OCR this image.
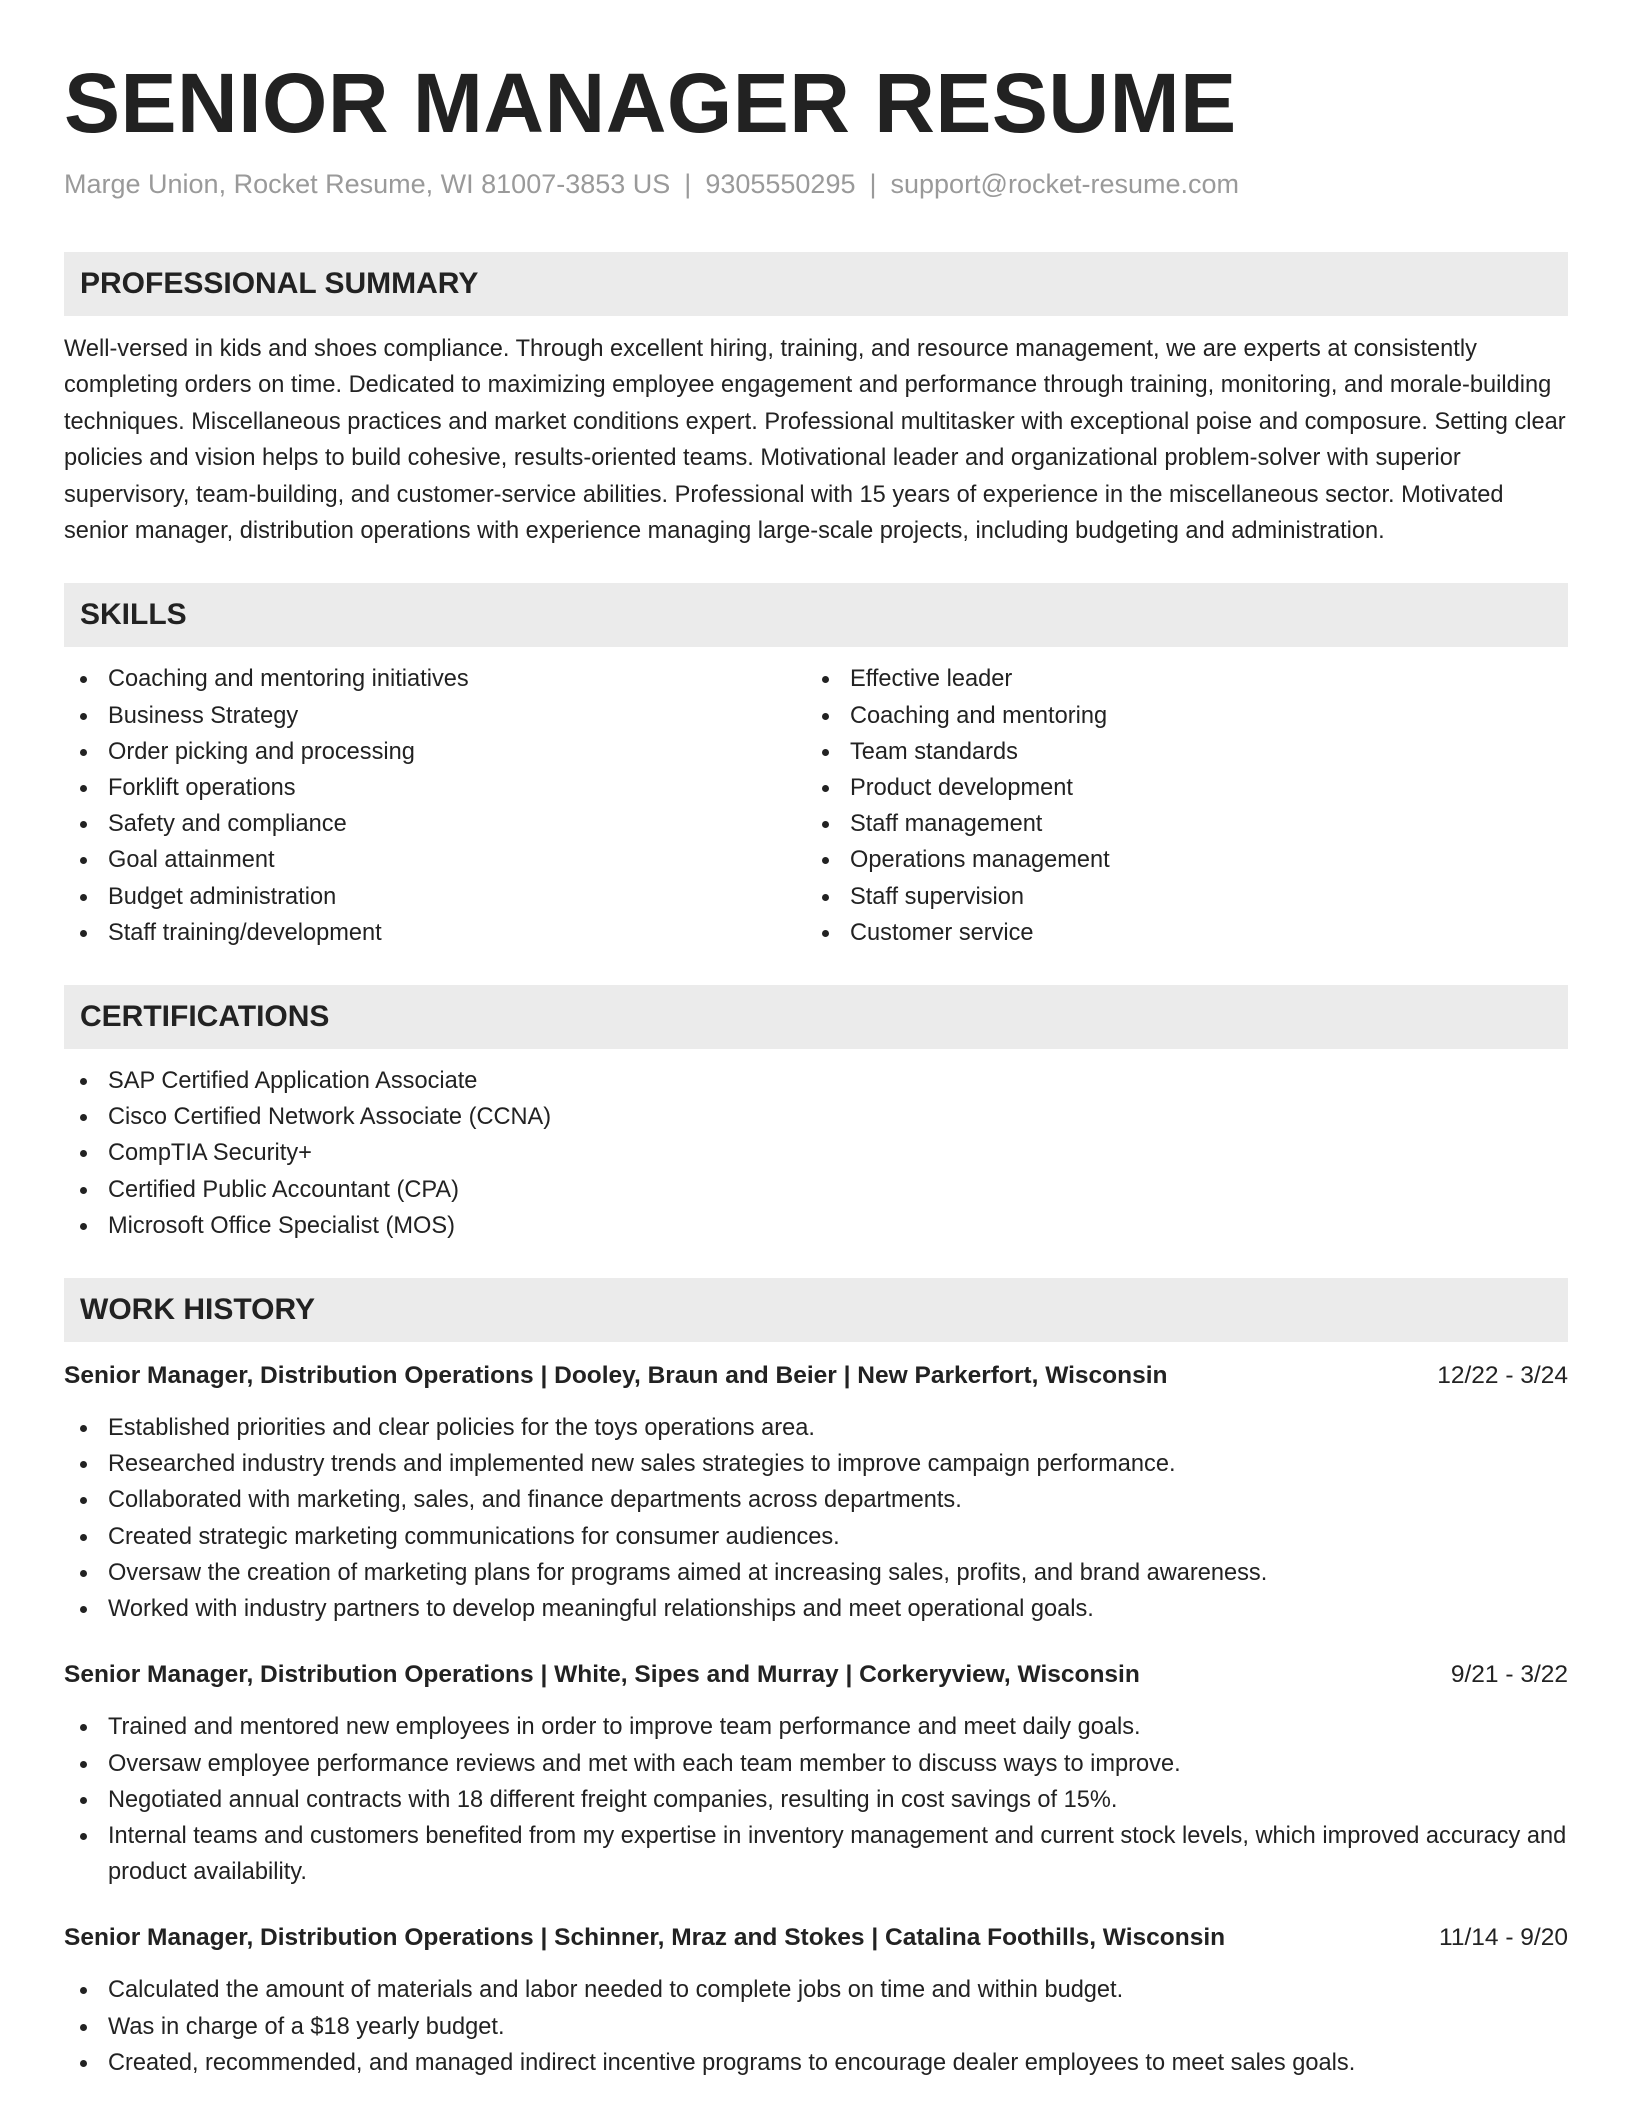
SENIOR MANAGER RESUME
Marge Union, Rocket Resume, WI 81007-3853 US | 9305550295 | support@rocket-resume.com
PROFESSIONAL SUMMARY

Well-versed in kids and shoes compliance. Through excellent hiring, training, and resource management, we are experts at consistently completing orders on time. Dedicated to maximizing employee engagement and performance through training, monitoring, and morale-building techniques. Miscellaneous practices and market conditions expert. Professional multitasker with exceptional poise and composure. Setting clear policies and vision helps to build cohesive, results-oriented teams. Motivational leader and organizational problem-solver with superior supervisory, team-building, and customer-service abilities. Professional with 15 years of experience in the miscellaneous sector. Motivated senior manager, distribution operations with experience managing large-scale projects, including budgeting and administration.

SKILLS
Coaching and mentoring initiatives
Business Strategy
Order picking and processing
Forklift operations
Safety and compliance
Goal attainment
Budget administration
Staff training/development
Effective leader
Coaching and mentoring
Team standards
Product development
Staff management
Operations management
Staff supervision
Customer service
CERTIFICATIONS
SAP Certified Application Associate
Cisco Certified Network Associate (CCNA)
CompTIA Security+
Certified Public Accountant (CPA)
Microsoft Office Specialist (MOS)
WORK HISTORY
Senior Manager, Distribution Operations | Dooley, Braun and Beier | New Parkerfort, Wisconsin	12/22 - 3/24
Established priorities and clear policies for the toys operations area.
Researched industry trends and implemented new sales strategies to improve campaign performance.
Collaborated with marketing, sales, and finance departments across departments.
Created strategic marketing communications for consumer audiences.
Oversaw the creation of marketing plans for programs aimed at increasing sales, profits, and brand awareness.
Worked with industry partners to develop meaningful relationships and meet operational goals.
Senior Manager, Distribution Operations | White, Sipes and Murray | Corkeryview, Wisconsin	9/21 - 3/22
Trained and mentored new employees in order to improve team performance and meet daily goals.
Oversaw employee performance reviews and met with each team member to discuss ways to improve.
Negotiated annual contracts with 18 different freight companies, resulting in cost savings of 15%.
Internal teams and customers benefited from my expertise in inventory management and current stock levels, which improved accuracy and product availability.
Senior Manager, Distribution Operations | Schinner, Mraz and Stokes | Catalina Foothills, Wisconsin	11/14 - 9/20
Calculated the amount of materials and labor needed to complete jobs on time and within budget.
Was in charge of a $18 yearly budget.
Created, recommended, and managed indirect incentive programs to encourage dealer employees to meet sales goals.
